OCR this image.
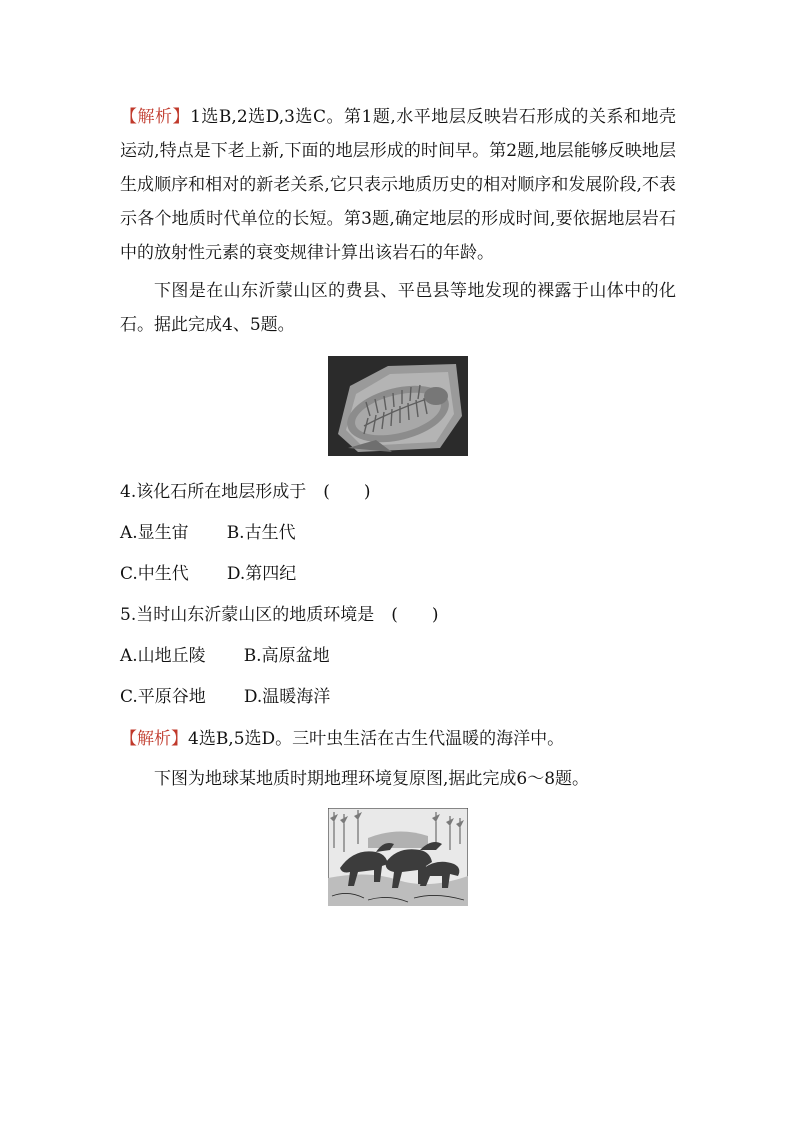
【解析】1选B,2选D,3选C。第1题,水平地层反映岩石形成的关系和地壳运动,特点是下老上新,下面的地层形成的时间早。第2题,地层能够反映地层生成顺序和相对的新老关系,它只表示地质历史的相对顺序和发展阶段,不表示各个地质时代单位的长短。第3题,确定地层的形成时间,要依据地层岩石中的放射性元素的衰变规律计算出该岩石的年龄。

下图是在山东沂蒙山区的费县、平邑县等地发现的裸露于山体中的化石。据此完成4、5题。

4.该化石所在地层形成于　(　　)

A.显生宙 B.古生代

C.中生代 D.第四纪

5.当时山东沂蒙山区的地质环境是　(　　)

A.山地丘陵 B.高原盆地

C.平原谷地 D.温暖海洋

【解析】4选B,5选D。三叶虫生活在古生代温暖的海洋中。

下图为地球某地质时期地理环境复原图,据此完成6～8题。
